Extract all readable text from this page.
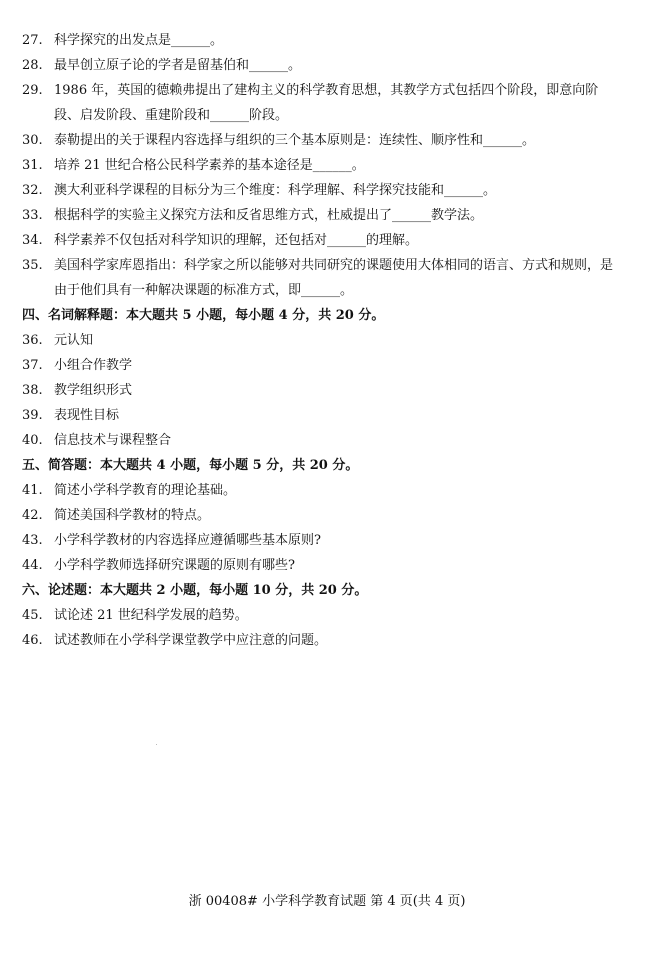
27. 科学探究的出发点是______。

28. 最早创立原子论的学者是留基伯和______。

29. 1986 年，英国的德赖弗提出了建构主义的科学教育思想，其教学方式包括四个阶段，即意向阶段、启发阶段、重建阶段和______阶段。

30. 泰勒提出的关于课程内容选择与组织的三个基本原则是：连续性、顺序性和______。

31. 培养 21 世纪合格公民科学素养的基本途径是______。

32. 澳大利亚科学课程的目标分为三个维度：科学理解、科学探究技能和______。

33. 根据科学的实验主义探究方法和反省思维方式，杜威提出了______教学法。

34. 科学素养不仅包括对科学知识的理解，还包括对______的理解。

35. 美国科学家库恩指出：科学家之所以能够对共同研究的课题使用大体相同的语言、方式和规则，是由于他们具有一种解决课题的标准方式，即______。

四、名词解释题：本大题共 5 小题，每小题 4 分，共 20 分。

36. 元认知

37. 小组合作教学

38. 教学组织形式

39. 表现性目标

40. 信息技术与课程整合

五、简答题：本大题共 4 小题，每小题 5 分，共 20 分。

41. 简述小学科学教育的理论基础。

42. 简述美国科学教材的特点。

43. 小学科学教材的内容选择应遵循哪些基本原则?

44. 小学科学教师选择研究课题的原则有哪些?

六、论述题：本大题共 2 小题，每小题 10 分，共 20 分。

45. 试论述 21 世纪科学发展的趋势。

46. 试述教师在小学科学课堂教学中应注意的问题。

浙 00408# 小学科学教育试题 第 4 页(共 4 页)
